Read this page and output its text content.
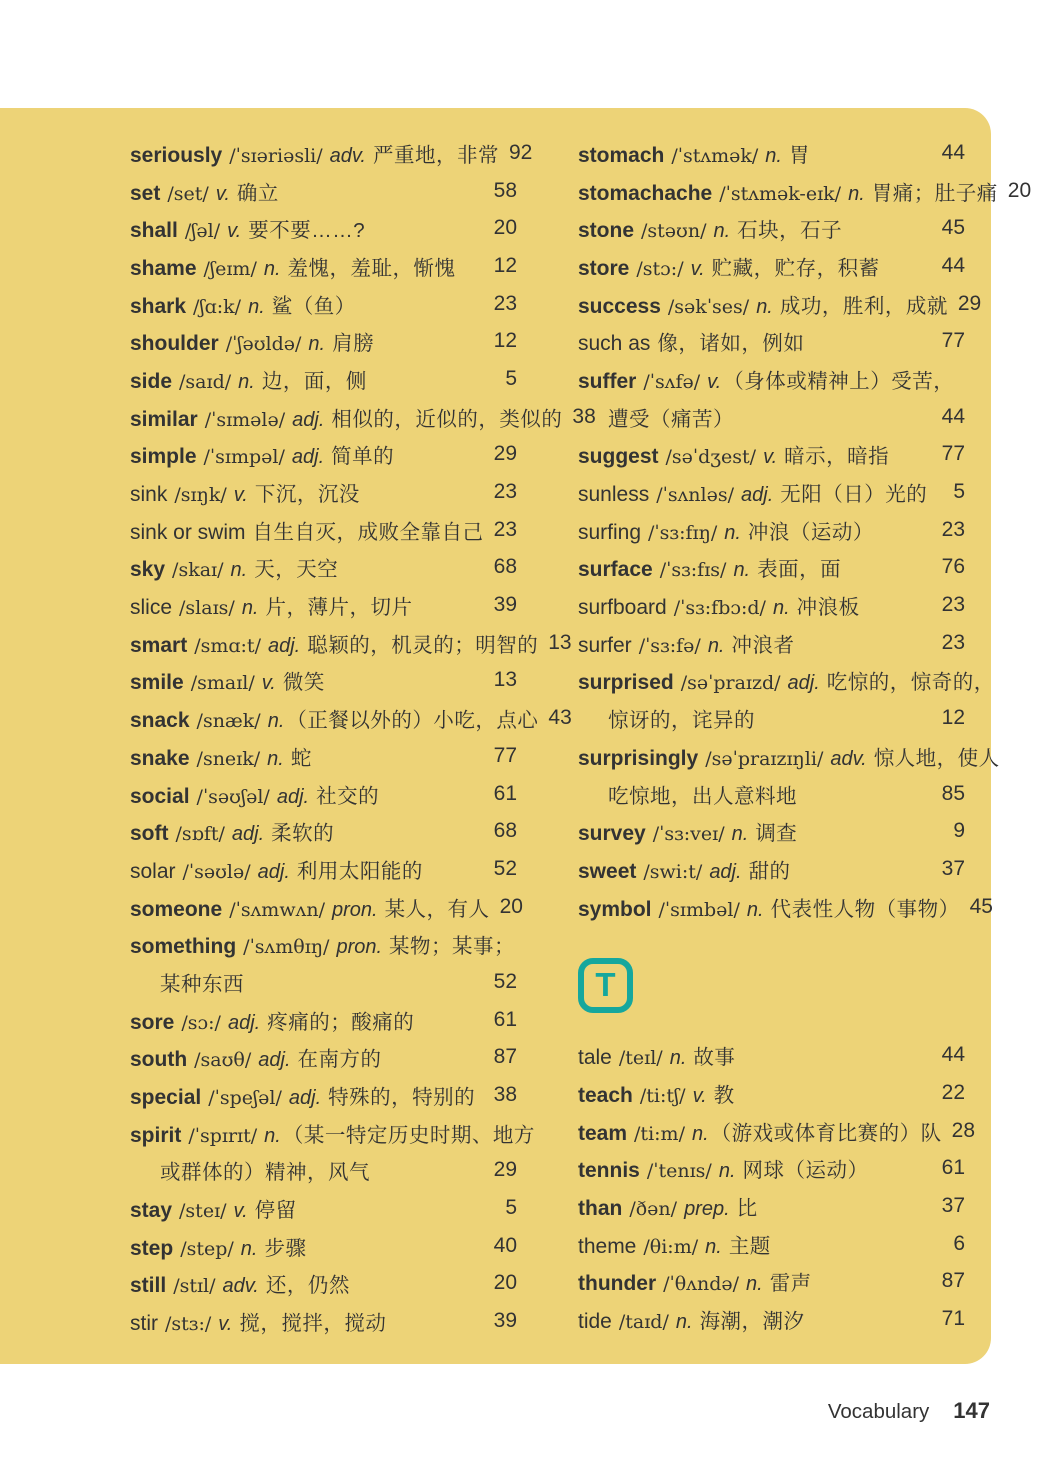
seriously /ˈsɪəriəsli/ adv. 严重地，非常 92
set /set/ v. 确立	58
shall /ʃəl/ v. 要不要……?	20
shame /ʃeɪm/ n. 羞愧，羞耻，惭愧 12
shark /ʃɑ:k/ n. 鲨（鱼）	23
shoulder /ˈʃəʊldə/ n. 肩膀	12
side /saɪd/ n. 边，面，侧	5
similar /ˈsɪmələ/ adj. 相似的，近似的，类似的 38
simple /ˈsɪmpəl/ adj. 简单的	29
sink /sɪŋk/ v. 下沉，沉没	23
sink or swim 自生自灭，成败全靠自己 23
sky /skaɪ/ n. 天，天空	68
slice /slaɪs/ n. 片，薄片，切片	39
smart /smɑ:t/ adj. 聪颖的，机灵的；明智的 13
smile /smaɪl/ v. 微笑	13
snack /snæk/ n. （正餐以外的）小吃，点心 43
snake /sneɪk/ n. 蛇	77
social /ˈsəʊʃəl/ adj. 社交的	61
soft /sɒft/ adj. 柔软的	68
solar /ˈsəʊlə/ adj. 利用太阳能的	52
someone /ˈsʌmwʌn/ pron. 某人，有人 20
something /ˈsʌmθɪŋ/ pron. 某物；某事；
某种东西	52
sore /sɔ:/ adj. 疼痛的；酸痛的	61
south /saʊθ/ adj. 在南方的	87
special /ˈspeʃəl/ adj. 特殊的，特别的 38
spirit /ˈspɪrɪt/ n. （某一特定历史时期、地方
或群体的）精神，风气	29
stay /steɪ/ v. 停留	5
step /step/ n. 步骤	40
still /stɪl/ adv. 还，仍然	20
stir /stɜ:/ v. 搅，搅拌，搅动	39
stomach /ˈstʌmək/ n. 胃	44
stomachache /ˈstʌmək-eɪk/ n. 胃痛；肚子痛 20
stone /stəʊn/ n. 石块，石子	45
store /stɔ:/ v. 贮藏，贮存，积蓄	44
success /səkˈses/ n. 成功，胜利，成就 29
such as 像，诸如，例如	77
suffer /ˈsʌfə/ v. （身体或精神上）受苦，
遭受（痛苦）	44
suggest /səˈdʒest/ v. 暗示，暗指	77
sunless /ˈsʌnləs/ adj. 无阳（日）光的 5
surfing /ˈsɜ:fɪŋ/ n. 冲浪（运动）	23
surface /ˈsɜ:fɪs/ n. 表面，面	76
surfboard /ˈsɜ:fbɔ:d/ n. 冲浪板	23
surfer /ˈsɜ:fə/ n. 冲浪者	23
surprised /səˈpraɪzd/ adj. 吃惊的，惊奇的，
惊讶的，诧异的	12
surprisingly /səˈpraɪzɪŋli/ adv. 惊人地，使人
吃惊地，出人意料地	85
survey /ˈsɜ:veɪ/ n. 调查	9
sweet /swi:t/ adj. 甜的	37
symbol /ˈsɪmbəl/ n. 代表性人物（事物） 45
T
tale /teɪl/ n. 故事	44
teach /ti:tʃ/ v. 教	22
team /ti:m/ n. （游戏或体育比赛的）队 28
tennis /ˈtenɪs/ n. 网球（运动）	61
than /ðən/ prep. 比	37
theme /θi:m/ n. 主题	6
thunder /ˈθʌndə/ n. 雷声	87
tide /taɪd/ n. 海潮，潮汐	71
Vocabulary 147
